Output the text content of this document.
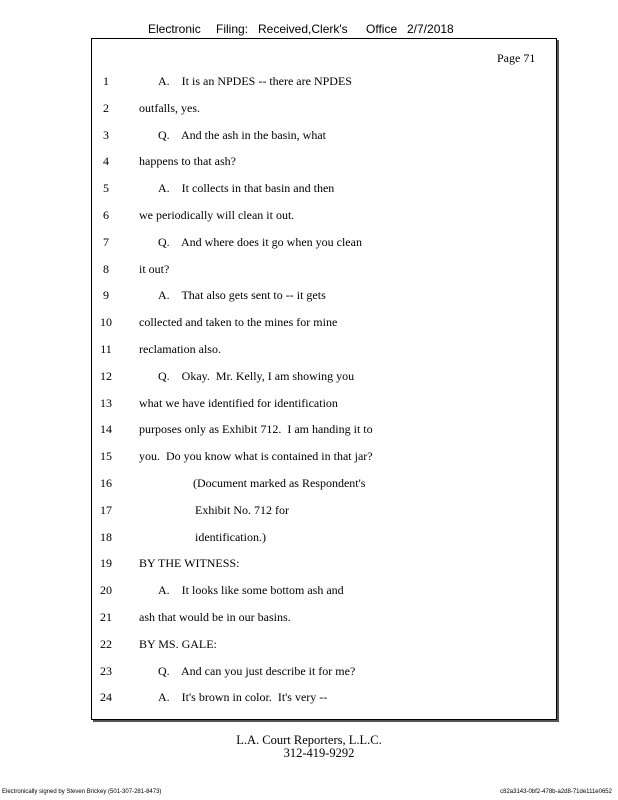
Electronic Filing: Received,Clerk's Office 2/7/2018
Page 71
1	A.    It is an NPDES -- there are NPDES
2	outfalls, yes.
3	Q.    And the ash in the basin, what
4	happens to that ash?
5	A.    It collects in that basin and then
6	we periodically will clean it out.
7	Q.    And where does it go when you clean
8	it out?
9	A.    That also gets sent to -- it gets
10 collected and taken to the mines for mine
11 reclamation also.
12	Q.    Okay.  Mr. Kelly, I am showing you
13 what we have identified for identification
14 purposes only as Exhibit 712.  I am handing it to
15 you.  Do you know what is contained in that jar?
16	(Document marked as Respondent's
17	Exhibit No. 712 for
18	identification.)
19 BY THE WITNESS:
20	A.    It looks like some bottom ash and
21 ash that would be in our basins.
22 BY MS. GALE:
23	Q.    And can you just describe it for me?
24	A.    It's brown in color.  It's very --
L.A. Court Reporters, L.L.C.
312-419-9292
Electronically signed by Steven Brickey (501-307-281-8473)	c82a3143-0bf2-478b-a2d8-71de111e0652
